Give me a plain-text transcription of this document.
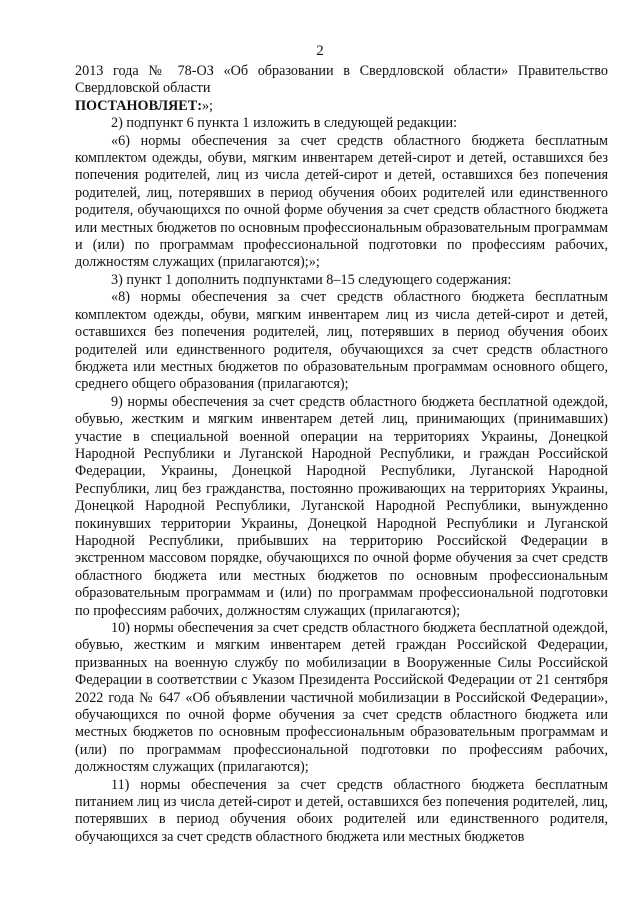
2

2013 года № 78-ОЗ «Об образовании в Свердловской области» Правительство Свердловской области

ПОСТАНОВЛЯЕТ:»;

2) подпункт 6 пункта 1 изложить в следующей редакции:

«6) нормы обеспечения за счет средств областного бюджета бесплатным комплектом одежды, обуви, мягким инвентарем детей-сирот и детей, оставшихся без попечения родителей, лиц из числа детей-сирот и детей, оставшихся без попечения родителей, лиц, потерявших в период обучения обоих родителей или единственного родителя, обучающихся по очной форме обучения за счет средств областного бюджета или местных бюджетов по основным профессиональным образовательным программам и (или) по программам профессиональной подготовки по профессиям рабочих, должностям служащих (прилагаются);»;

3) пункт 1 дополнить подпунктами 8–15 следующего содержания:

«8) нормы обеспечения за счет средств областного бюджета бесплатным комплектом одежды, обуви, мягким инвентарем лиц из числа детей-сирот и детей, оставшихся без попечения родителей, лиц, потерявших в период обучения обоих родителей или единственного родителя, обучающихся за счет средств областного бюджета или местных бюджетов по образовательным программам основного общего, среднего общего образования (прилагаются);

9) нормы обеспечения за счет средств областного бюджета бесплатной одеждой, обувью, жестким и мягким инвентарем детей лиц, принимающих (принимавших) участие в специальной военной операции на территориях Украины, Донецкой Народной Республики и Луганской Народной Республики, и граждан Российской Федерации, Украины, Донецкой Народной Республики, Луганской Народной Республики, лиц без гражданства, постоянно проживающих на территориях Украины, Донецкой Народной Республики, Луганской Народной Республики, вынужденно покинувших территории Украины, Донецкой Народной Республики и Луганской Народной Республики, прибывших на территорию Российской Федерации в экстренном массовом порядке, обучающихся по очной форме обучения за счет средств областного бюджета или местных бюджетов по основным профессиональным образовательным программам и (или) по программам профессиональной подготовки по профессиям рабочих, должностям служащих (прилагаются);

10) нормы обеспечения за счет средств областного бюджета бесплатной одеждой, обувью, жестким и мягким инвентарем детей граждан Российской Федерации, призванных на военную службу по мобилизации в Вооруженные Силы Российской Федерации в соответствии с Указом Президента Российской Федерации от 21 сентября 2022 года № 647 «Об объявлении частичной мобилизации в Российской Федерации», обучающихся по очной форме обучения за счет средств областного бюджета или местных бюджетов по основным профессиональным образовательным программам и (или) по программам профессиональной подготовки по профессиям рабочих, должностям служащих (прилагаются);

11) нормы обеспечения за счет средств областного бюджета бесплатным питанием лиц из числа детей-сирот и детей, оставшихся без попечения родителей, лиц, потерявших в период обучения обоих родителей или единственного родителя, обучающихся за счет средств областного бюджета или местных бюджетов
